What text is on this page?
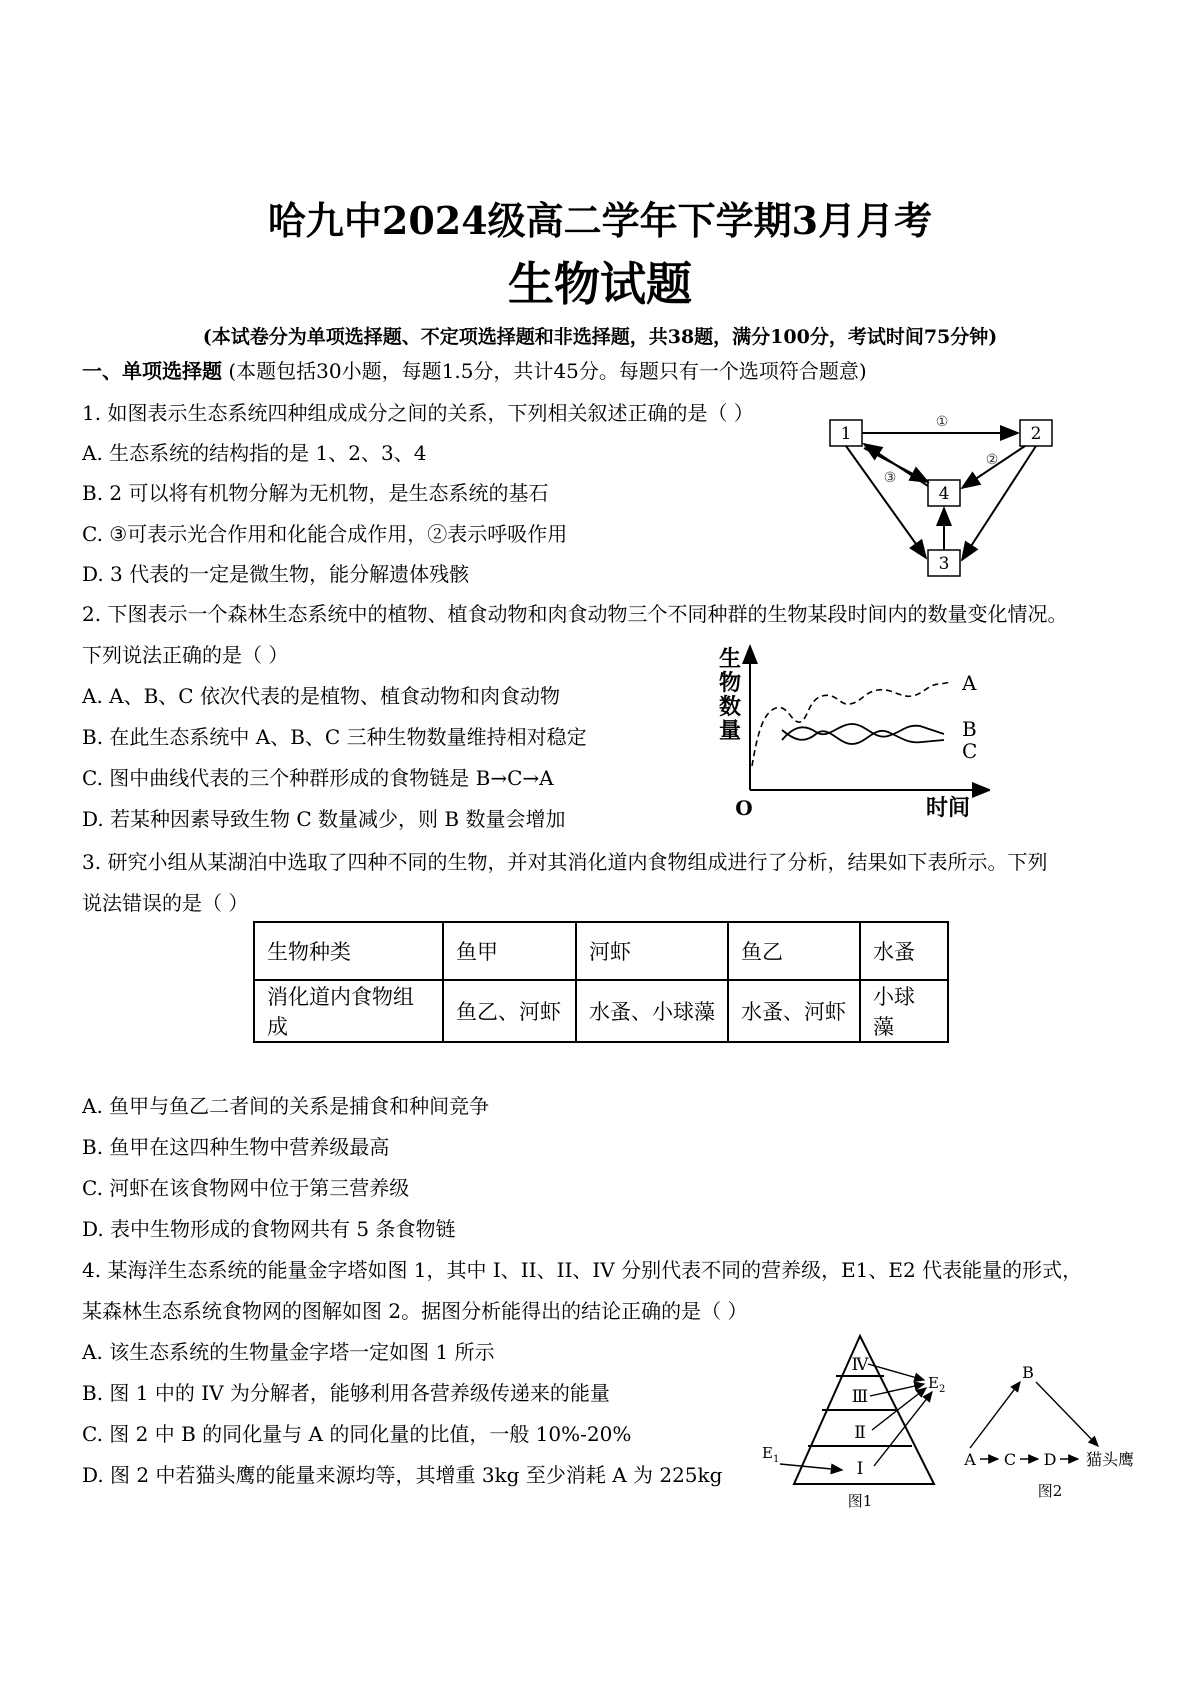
哈九中2024级高二学年下学期3月月考
生物试题
(本试卷分为单项选择题、不定项选择题和非选择题，共38题，满分100分，考试时间75分钟)
一、单项选择题 (本题包括30小题，每题1.5分，共计45分。每题只有一个选项符合题意)
1. 如图表示生态系统四种组成成分之间的关系，下列相关叙述正确的是（ ）
A. 生态系统的结构指的是 1、2、3、4
B. 2 可以将有机物分解为无机物，是生态系统的基石
C. ③可表示光合作用和化能合成作用，②表示呼吸作用
D. 3 代表的一定是微生物，能分解遗体残骸
1	2
3
4
①
②
③
2. 下图表示一个森林生态系统中的植物、植食动物和肉食动物三个不同种群的生物某段时间内的数量变化情况。
下列说法正确的是（ ）
A. A、B、C 依次代表的是植物、植食动物和肉食动物
B. 在此生态系统中 A、B、C 三种生物数量维持相对稳定
C. 图中曲线代表的三个种群形成的食物链是 B→C→A
D. 若某种因素导致生物 C 数量减少，则 B 数量会增加
生
物
数
量
O	时间
A
B
C
3. 研究小组从某湖泊中选取了四种不同的生物，并对其消化道内食物组成进行了分析，结果如下表所示。下列
说法错误的是（ ）
生物种类	鱼甲	河虾	鱼乙	水蚤
消化道内食物组成	鱼乙、河虾	水蚤、小球藻	水蚤、河虾	小球藻
A. 鱼甲与鱼乙二者间的关系是捕食和种间竞争
B. 鱼甲在这四种生物中营养级最高
C. 河虾在该食物网中位于第三营养级
D. 表中生物形成的食物网共有 5 条食物链
4. 某海洋生态系统的能量金字塔如图 1，其中 I、II、II、IV 分别代表不同的营养级，E1、E2 代表能量的形式，
某森林生态系统食物网的图解如图 2。据图分析能得出的结论正确的是（ ）
A. 该生态系统的生物量金字塔一定如图 1 所示
B. 图 1 中的 IV 为分解者，能够利用各营养级传递来的能量
C. 图 2 中 B 的同化量与 A 的同化量的比值，一般 10%-20%
D. 图 2 中若猫头鹰的能量来源均等，其增重 3kg 至少消耗 A 为 225kg
Ⅳ
Ⅲ
Ⅱ
Ⅰ
$E_1$
$E_2$
图1
B
A C D 猫头鹰
图2
